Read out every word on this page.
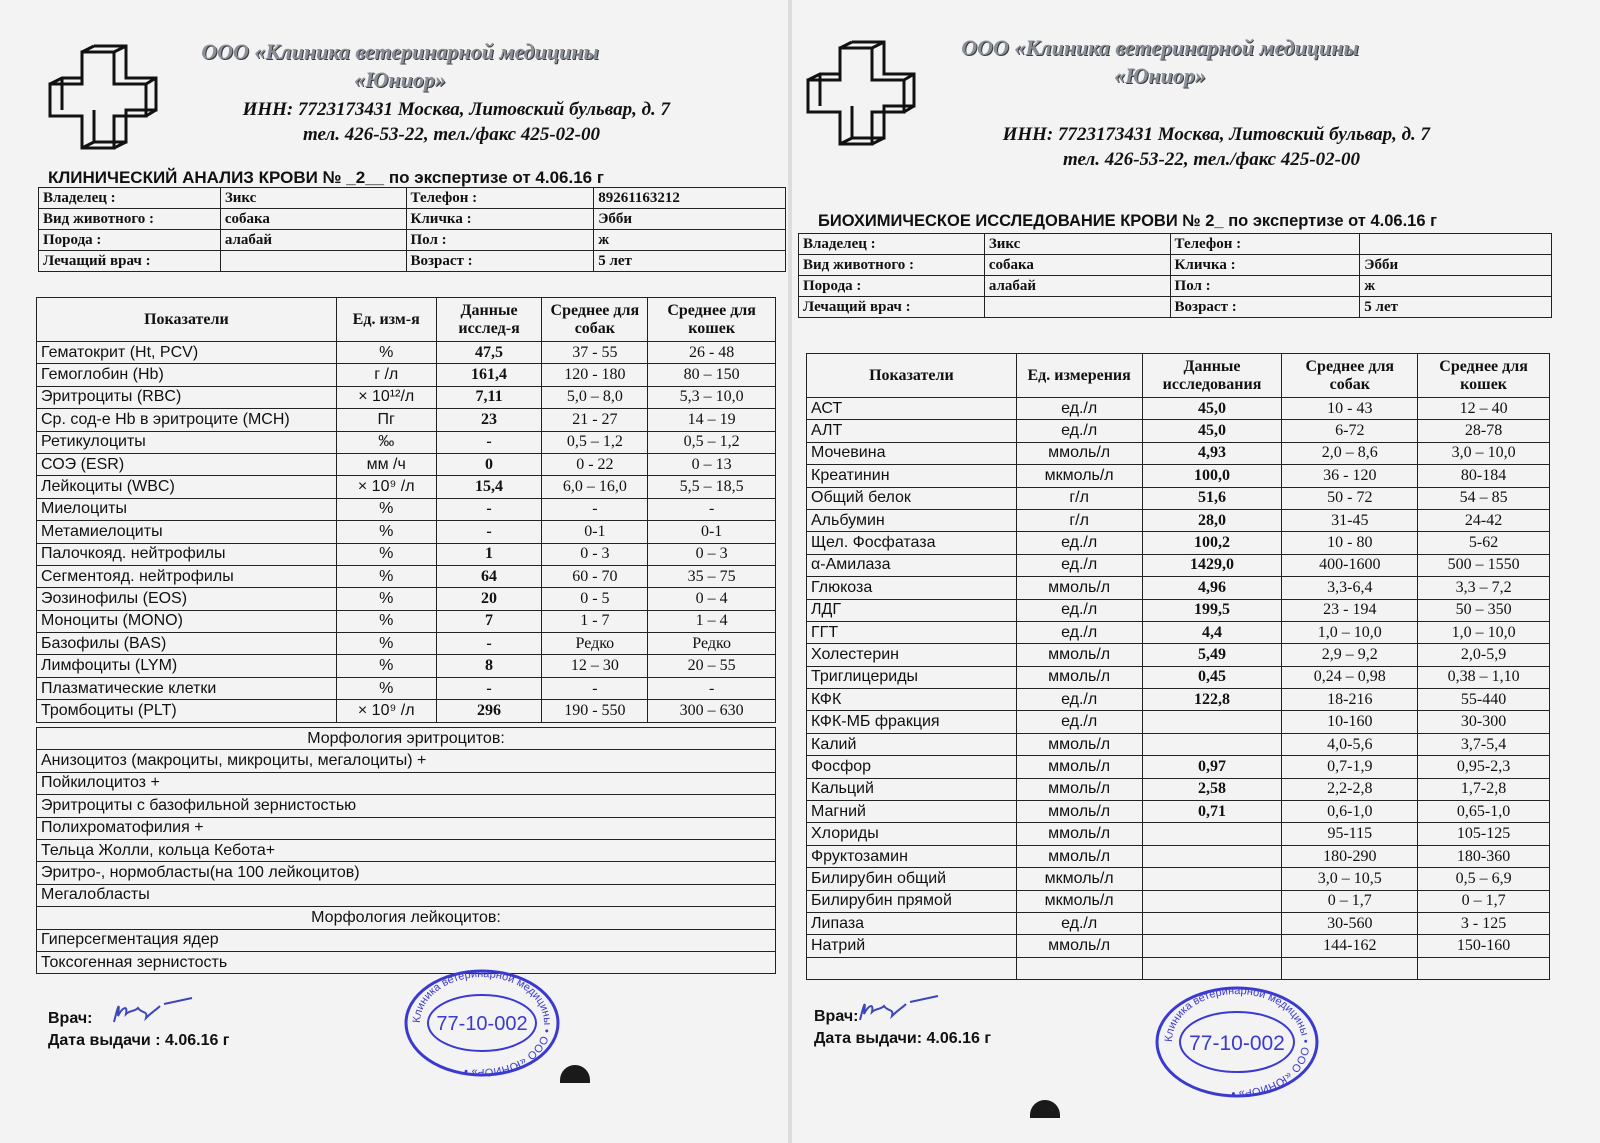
ООО «Клиника ветеринарной медицины
«Юниор»
ИНН: 7723173431 Москва, Литовский бульвар, д. 7
тел. 426-53-22, тел./факс 425-02-00
КЛИНИЧЕСКИЙ АНАЛИЗ КРОВИ № _2__ по экспертизе от 4.06.16 г
Владелец :	Зикс	Телефон :	89261163212
Вид животного :	собака	Кличка :	Эбби
Порода :	алабай	Пол :	ж
Лечащий врач :		Возраст :	5 лет
Показатели	Ед. изм-я	Данные исслед-я	Среднее для собак	Среднее для кошек
Гематокрит (Ht, PCV)	%	47,5	37 - 55	26 - 48
Гемоглобин (Hb)	г /л	161,4	120 - 180	80 – 150
Эритроциты (RBC)	× 10¹²/л	7,11	5,0 – 8,0	5,3 – 10,0
Ср. сод-е Hb в эритроците (MCH)	Пг	23	21 - 27	14 – 19
Ретикулоциты	‰	-	0,5 – 1,2	0,5 – 1,2
СОЭ (ESR)	мм /ч	0	0 - 22	0 – 13
Лейкоциты (WBC)	× 10⁹ /л	15,4	6,0 – 16,0	5,5 – 18,5
Миелоциты	%	-	-	-
Метамиелоциты	%	-	0-1	0-1
Палочкояд. нейтрофилы	%	1	0 - 3	0 – 3
Сегментояд. нейтрофилы	%	64	60 - 70	35 – 75
Эозинофилы (EOS)	%	20	0 - 5	0 – 4
Моноциты (MONO)	%	7	1 - 7	1 – 4
Базофилы (BAS)	%	-	Редко	Редко
Лимфоциты (LYM)	%	8	12 – 30	20 – 55
Плазматические клетки	%	-	-	-
Тромбоциты (PLT)	× 10⁹ /л	296	190 - 550	300 – 630
Морфология эритроцитов:
Анизоцитоз (макроциты, микроциты, мегалоциты) +
Пойкилоцитоз +
Эритроциты с базофильной зернистостью
Полихроматофилия +
Тельца Жолли, кольца Кебота+
Эритро-, нормобласты(на 100 лейкоцитов)
Мегалобласты
Морфология лейкоцитов:
Гиперсегментация ядер
Токсогенная зернистость
Врач:
Дата выдачи : 4.06.16 г
Клиника ветеринарной медицины • ООО «ЮНИОР» •
77-10-002
ООО «Клиника ветеринарной медицины
«Юниор»
ИНН: 7723173431 Москва, Литовский бульвар, д. 7
тел. 426-53-22, тел./факс 425-02-00
БИОХИМИЧЕСКОЕ ИССЛЕДОВАНИЕ КРОВИ № 2_ по экспертизе от 4.06.16 г
Владелец :	Зикс	Телефон :	
Вид животного :	собака	Кличка :	Эбби
Порода :	алабай	Пол :	ж
Лечащий врач :		Возраст :	5 лет
Показатели	Ед. измерения	Данные исследования	Среднее для собак	Среднее для кошек
АСТ	ед./л	45,0	10 - 43	12 – 40
АЛТ	ед./л	45,0	6-72	28-78
Мочевина	ммоль/л	4,93	2,0 – 8,6	3,0 – 10,0
Креатинин	мкмоль/л	100,0	36 - 120	80-184
Общий белок	г/л	51,6	50 - 72	54 – 85
Альбумин	г/л	28,0	31-45	24-42
Щел. Фосфатаза	ед./л	100,2	10 - 80	5-62
α-Амилаза	ед./л	1429,0	400-1600	500 – 1550
Глюкоза	ммоль/л	4,96	3,3-6,4	3,3 – 7,2
ЛДГ	ед./л	199,5	23 - 194	50 – 350
ГГТ	ед./л	4,4	1,0 – 10,0	1,0 – 10,0
Холестерин	ммоль/л	5,49	2,9 – 9,2	2,0-5,9
Триглицериды	ммоль/л	0,45	0,24 – 0,98	0,38 – 1,10
КФК	ед./л	122,8	18-216	55-440
КФК-МБ фракция	ед./л		10-160	30-300
Калий	ммоль/л		4,0-5,6	3,7-5,4
Фосфор	ммоль/л	0,97	0,7-1,9	0,95-2,3
Кальций	ммоль/л	2,58	2,2-2,8	1,7-2,8
Магний	ммоль/л	0,71	0,6-1,0	0,65-1,0
Хлориды	ммоль/л		95-115	105-125
Фруктозамин	ммоль/л		180-290	180-360
Билирубин общий	мкмоль/л		3,0 – 10,5	0,5 – 6,9
Билирубин прямой	мкмоль/л		0 – 1,7	0 – 1,7
Липаза	ед./л		30-560	3 - 125
Натрий	ммоль/л		144-162	150-160

Врач:
Дата выдачи: 4.06.16 г	Клиника ветеринарной медицины • ООО «ЮНИОР» •
77-10-002
